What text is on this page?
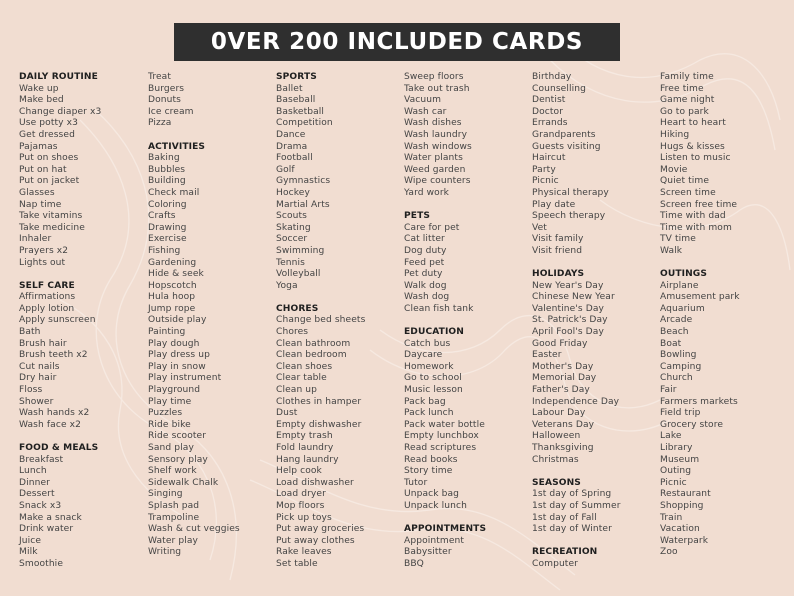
0VER 200 INCLUDED CARDS
DAILY ROUTINE
Wake up
Make bed
Change diaper x3
Use potty x3
Get dressed
Pajamas
Put on shoes
Put on hat
Put on jacket
Glasses
Nap time
Take vitamins
Take medicine
Inhaler
Prayers x2
Lights out
SELF CARE
Affirmations
Apply lotion
Apply sunscreen
Bath
Brush hair
Brush teeth x2
Cut nails
Dry hair
Floss
Shower
Wash hands x2
Wash face x2
FOOD & MEALS
Breakfast
Lunch
Dinner
Dessert
Snack x3
Make a snack
Drink water
Juice
Milk
Smoothie
Treat
Burgers
Donuts
Ice cream
Pizza
ACTIVITIES
Baking
Bubbles
Building
Check mail
Coloring
Crafts
Drawing
Exercise
Fishing
Gardening
Hide & seek
Hopscotch
Hula hoop
Jump rope
Outside play
Painting
Play dough
Play dress up
Play in snow
Play instrument
Playground
Play time
Puzzles
Ride bike
Ride scooter
Sand play
Sensory play
Shelf work
Sidewalk Chalk
Singing
Splash pad
Trampoline
Wash & cut veggies
Water play
Writing
SPORTS
Ballet
Baseball
Basketball
Competition
Dance
Drama
Football
Golf
Gymnastics
Hockey
Martial Arts
Scouts
Skating
Soccer
Swimming
Tennis
Volleyball
Yoga
CHORES
Change bed sheets
Chores
Clean bathroom
Clean bedroom
Clean shoes
Clear table
Clean up
Clothes in hamper
Dust
Empty dishwasher
Empty trash
Fold laundry
Hang laundry
Help cook
Load dishwasher
Load dryer
Mop floors
Pick up toys
Put away groceries
Put away clothes
Rake leaves
Set table
Sweep floors
Take out trash
Vacuum
Wash car
Wash dishes
Wash laundry
Wash windows
Water plants
Weed garden
Wipe counters
Yard work
PETS
Care for pet
Cat litter
Dog duty
Feed pet
Pet duty
Walk dog
Wash dog
Clean fish tank
EDUCATION
Catch bus
Daycare
Homework
Go to school
Music lesson
Pack bag
Pack lunch
Pack water bottle
Empty lunchbox
Read scriptures
Read books
Story time
Tutor
Unpack bag
Unpack lunch
APPOINTMENTS
Appointment
Babysitter
BBQ
Birthday
Counselling
Dentist
Doctor
Errands
Grandparents
Guests visiting
Haircut
Party
Picnic
Physical therapy
Play date
Speech therapy
Vet
Visit family
Visit friend
HOLIDAYS
New Year's Day
Chinese New Year
Valentine's Day
St. Patrick's Day
April Fool's Day
Good Friday
Easter
Mother's Day
Memorial Day
Father's Day
Independence Day
Labour Day
Veterans Day
Halloween
Thanksgiving
Christmas
SEASONS
1st day of Spring
1st day of Summer
1st day of Fall
1st day of Winter
RECREATION
Computer
Family time
Free time
Game night
Go to park
Heart to heart
Hiking
Hugs & kisses
Listen to music
Movie
Quiet time
Screen time
Screen free time
Time with dad
Time with mom
TV time
Walk
OUTINGS
Airplane
Amusement park
Aquarium
Arcade
Beach
Boat
Bowling
Camping
Church
Fair
Farmers markets
Field trip
Grocery store
Lake
Library
Museum
Outing
Picnic
Restaurant
Shopping
Train
Vacation
Waterpark
Zoo
